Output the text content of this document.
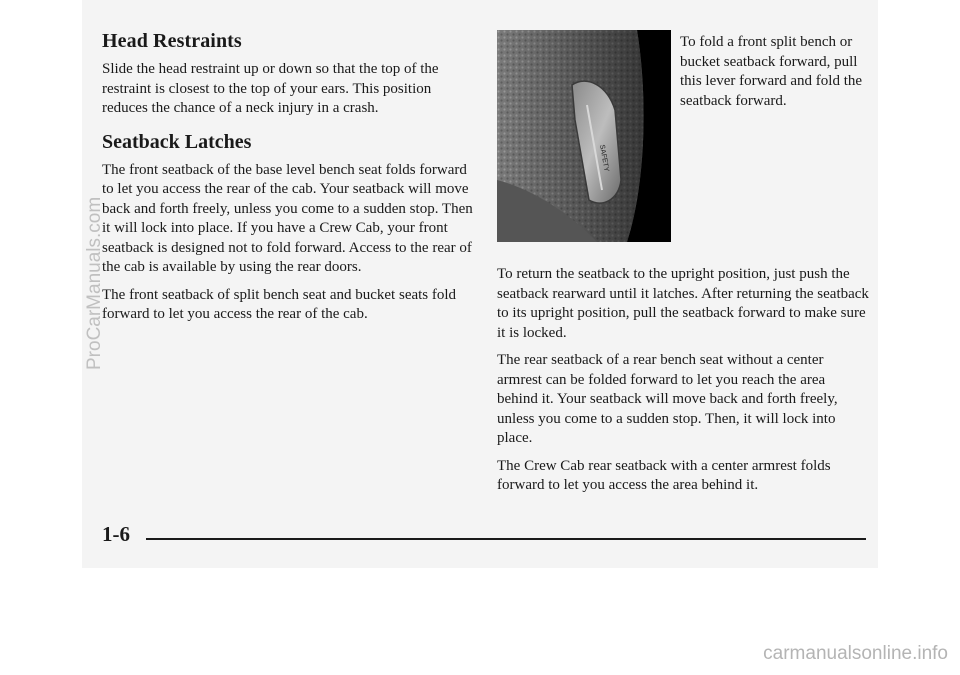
Head Restraints

Slide the head restraint up or down so that the top of the restraint is closest to the top of your ears. This position reduces the chance of a neck injury in a crash.

Seatback Latches

The front seatback of the base level bench seat folds forward to let you access the rear of the cab. Your seatback will move back and forth freely, unless you come to a sudden stop. Then it will lock into place. If you have a Crew Cab, your front seatback is designed not to fold forward. Access to the rear of the cab is available by using the rear doors.

The front seatback of split bench seat and bucket seats fold forward to let you access the rear of the cab.

SAFETY
To fold a front split bench or bucket seatback forward, pull this lever forward and fold the seatback forward.

To return the seatback to the upright position, just push the seatback rearward until it latches. After returning the seatback to its upright position, pull the seatback forward to make sure it is locked.

The rear seatback of a rear bench seat without a center armrest can be folded forward to let you reach the area behind it. Your seatback will move back and forth freely, unless you come to a sudden stop. Then, it will lock into place.

The Crew Cab rear seatback with a center armrest folds forward to let you access the area behind it.

1-6
ProCarManuals.com
carmanualsonline.info
